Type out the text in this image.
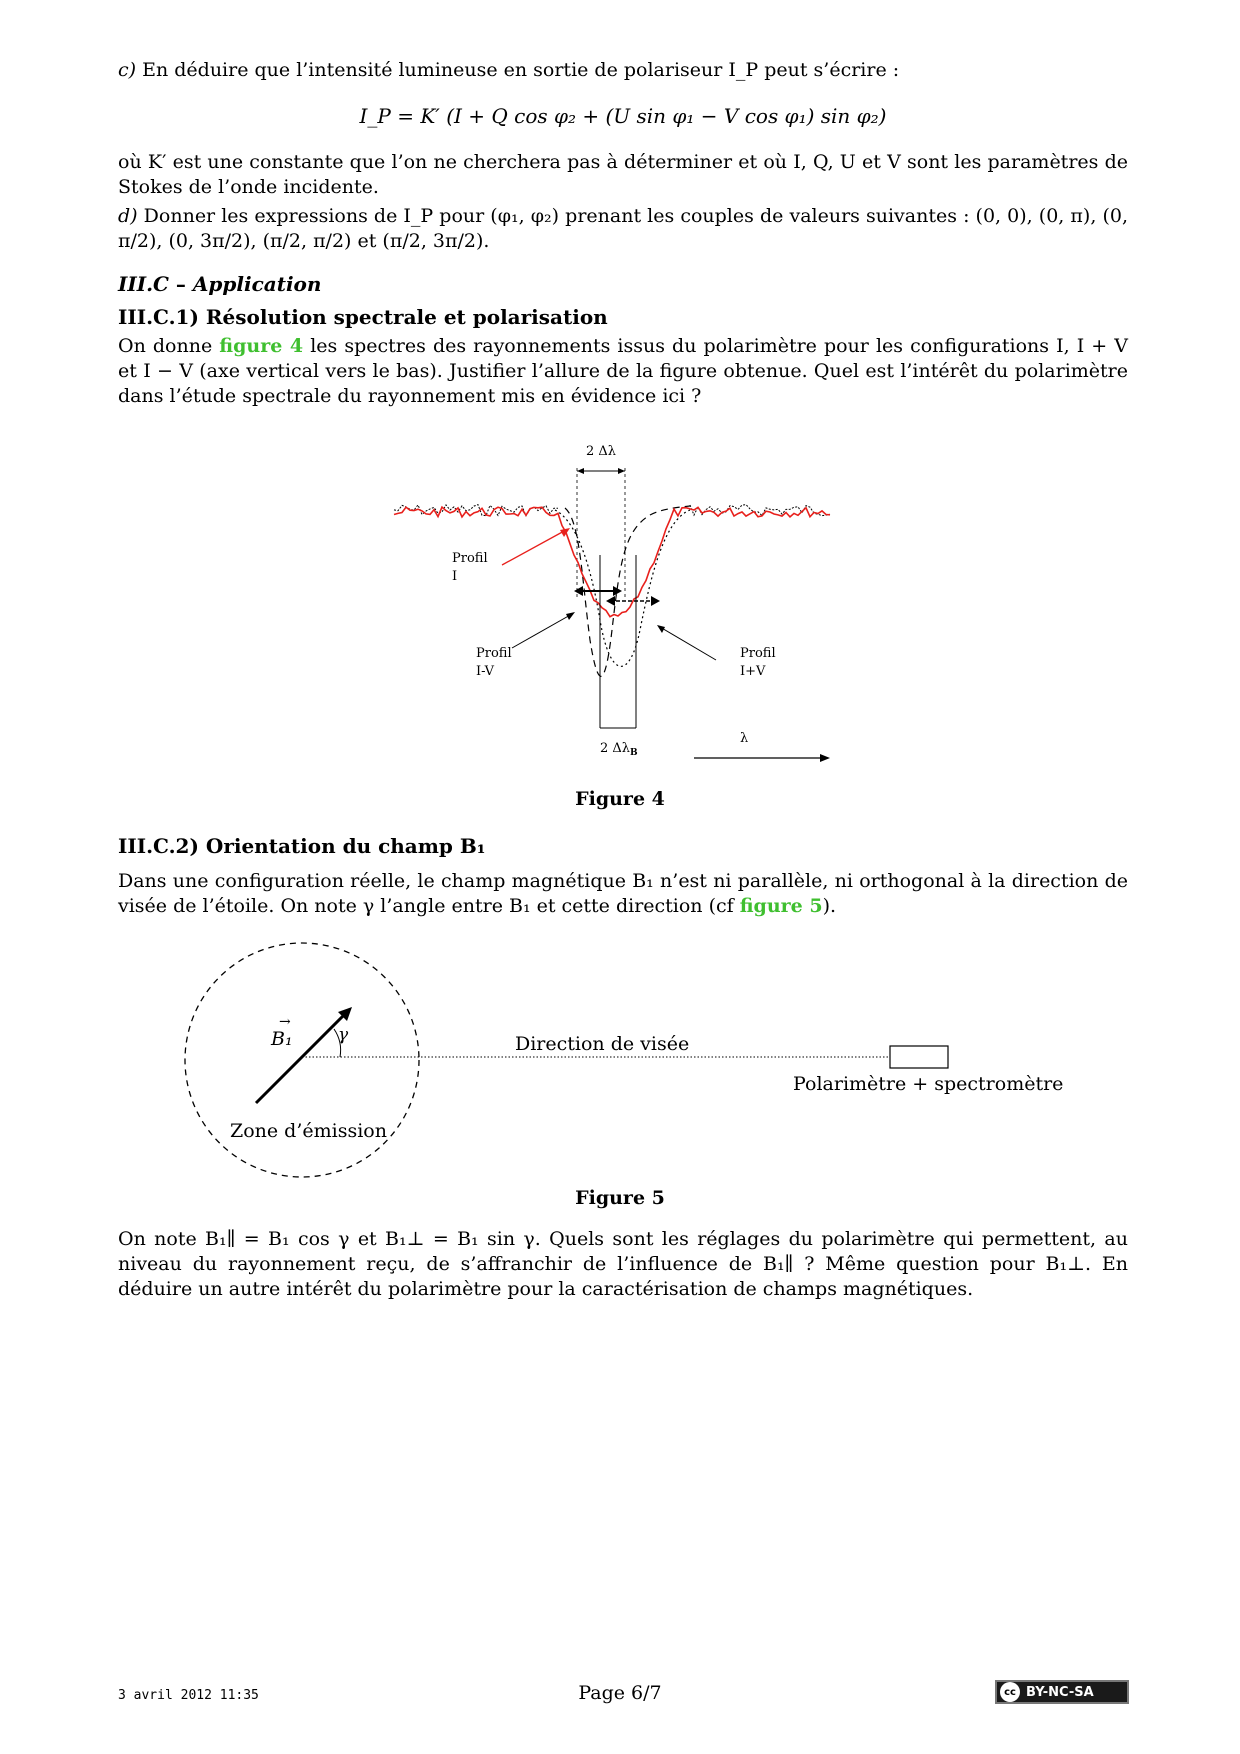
c) En déduire que l’intensité lumineuse en sortie de polariseur I_P peut s’écrire :
I_P = K′ (I + Q cos φ₂ + (U sin φ₁ − V cos φ₁) sin φ₂)
où K′ est une constante que l’on ne cherchera pas à déterminer et où I, Q, U et V sont les paramètres de Stokes de l’onde incidente.
d) Donner les expressions de I_P pour (φ₁, φ₂) prenant les couples de valeurs suivantes : (0, 0), (0, π), (0, π/2), (0, 3π/2), (π/2, π/2) et (π/2, 3π/2).
III.C – Application
III.C.1) Résolution spectrale et polarisation
On donne figure 4 les spectres des rayonnements issus du polarimètre pour les configurations I, I + V et I − V (axe vertical vers le bas). Justifier l’allure de la figure obtenue. Quel est l’intérêt du polarimètre dans l’étude spectrale du rayonnement mis en évidence ici ?
2 Δλ
2 $\Delta\lambda_B$
Profil
I
Profil
I-V
Profil
I+V
λ
Figure 4
III.C.2) Orientation du champ B₁
Dans une configuration réelle, le champ magnétique B₁ n’est ni parallèle, ni orthogonal à la direction de visée de l’étoile. On note γ l’angle entre B₁ et cette direction (cf figure 5).
B₁
→
γ	Direction de visée
Polarimètre + spectromètre
Zone d’émission
Figure 5
On note B₁∥ = B₁ cos γ et B₁⊥ = B₁ sin γ. Quels sont les réglages du polarimètre qui permettent, au niveau du rayonnement reçu, de s’affranchir de l’influence de B₁∥ ? Même question pour B₁⊥. En déduire un autre intérêt du polarimètre pour la caractérisation de champs magnétiques.
3 avril 2012 11:35	Page 6/7	cc BY-NC-SA
